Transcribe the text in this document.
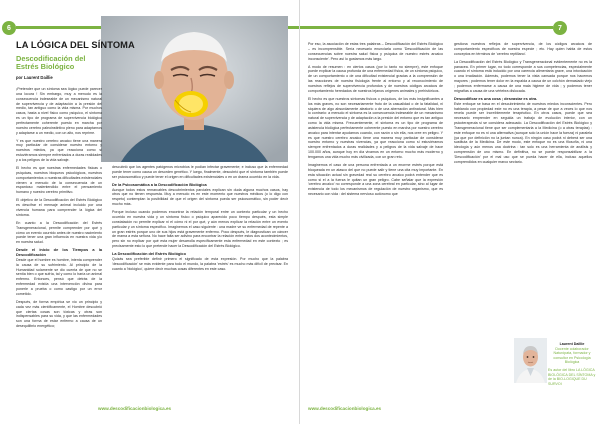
6
LA LÓGICA DEL SÍNTOMA
Descodificación del Estrés Biológico
por Laurent Daillie

¡Pretender que un síntoma sea lógico puede parecer una locura ! Sin embargo, muy a menudo es la consecuencia indeseable de un mecanismo natural de supervivencia y de adaptación a la presión del medio, tan antiguo como la vida misma. Por muchos casos, hasta a nivel físico como psíquico, el síntoma es un tipo de programa de supervivencia biológico perfectamente coherente puesto en marcha por nuestro cerebro paleoinstintivo pleno para adaptarnos y adaptarse a un medio, con un alto, nos reprime.

Y es que nuestro cerebro arcaico tiene una manera muy particular de considerar nuestro entorno y nuestros miedos, ya que reacciona como si estuviéramos siempre enfrentados a duras realidades y a los peligros de la vida salvaje.

El hecho es que nuestras enfermedades físicas o psíquicas, nuestros bloqueos psicológicos, nuestros comportamientos o nuestras dificultades existenciales vienen a menudo de la consecuencia de un espantoso malentendido entre el pensamiento humano y nuestro cerebro primitivo.

El objetivo de la Descodificación del Estrés Biológico es descifrar el mensaje animal incluido por una vivencia humana para comprender la lógica del síntoma.

En cuanto a la Descodificación del Estrés Transgeneracional, permite comprender por qué y cómo un evento ocurrido antes de nuestro nacimiento puede tener una gran influencia en nuestra vida y/o en nuestra salud.

Desde el inicio de los Tiempos a la Descodificación

Desde que el hombre es hombre, intenta comprender la causa de su sufrimiento. Al principio de la Humanidad solamente se dio cuenta de que no se sentía bien o que sufría, tal y como lo haría un animal enfermo. Entonces, pensó que detrás de la enfermedad existía una intervención divina para ponerle a prueba o como castigo por un error cometido.

Después, de forma empírica se vio un principio y cada vez más científicamente, el Hombre descubrió que ciertas cosas son tóxicas y otras son indispensables para su vida, y que las enfermedades son una forma de estar enfermo a causa de un desequilibrio energético;

descubrió que los agentes patógenos microbios le podían infectar gravemente; e incluso que la enfermedad puede tener como causa un desorden genético. Y luego, finalmente, descubrió que el síntoma también puede ser psicosomático y puede tener el origen en dificultades existenciales o en un drama ocurrido en la vida.

De la Psicosomática a la Descodificación Biológica

Aunque todos estos remarcables descubrimientos parciales explican sin duda alguna muchos casos, hay otros que no tienen respuesta. Muy a menudo es en este momento que nuestros médicos (o lo digo con respeto) contemplan la posibilidad de que el origen del síntoma pueda ser psicosomático, sin poder decir mucho más.

Porque incluso cuando podemos encontrar la relación temporal entre un contexto particular y un hecho ocurrido en nuestra vida y un síntoma físico o psíquico aparecido poco tiempo después, esta simple constatación no permite explicar ni el cómo ni el por qué, y aún menos explicar la relación entre un evento particular y un síntoma específico. Imaginemos el caso siguiente : una madre ve su enfermedad de repente a un gran estrés porque uno de sus hijos está gravemente enfermo. Poco después, le diagnostican un cáncer de mama a esta señora. No hace falta ser adivino para encontrar la relación entre estos dos acontecimientos, pero sin no explicar por qué esta mujer desarrolla específicamente esta enfermedad en este contexto ; es precisamente esto lo que pretende hacer la Descodificación del Estrés Biológico.

La Descodificación del Estrés Biológico

Quizás sea preferible definir primero el significado de esta expresión. Por mucho que la palabra 'descodificación' se más evidente para todo el mundo, la palabra 'estrés' es mucho más difícil de precisar. En cuanto a 'biológico', quiere decir muchas cosas diferentes en este caso.

www.descodificacionbiologica.es
7

Por eso, la asociación de estas tres palabras – Descodificación del Estrés Biológico – es incomprensible. Sería necesario enunciarla como 'Descodificación de las consecuencias sobre nuestra salud física y psíquica de nuestro estrés arcaico inconsciente'. Pero así lo gustamos más largo.

A modo de resumen : en ciertos casos (por lo tanto no siempre), este enfoque puede explicar la causa profunda de una enfermedad física, de un síntoma psíquico, de un comportamiento o de una dificultad existencial gracias a la comprensión de las reacciones de nuestra fisiología frente al entorno y al reconocimiento de nuestros reflejos de supervivencia profundos y de nuestros códigos arcaicos de comportamiento heredados de nuestros lejanos orígenes animales y prehistóricos.

El hecho es que nuestros síntomas físicos o psíquicos, de los más insignificantes a los más graves, no son necesariamente fruto de la casualidad o de la fatalidad, ni siquiera de algo absurdamente aleatorio o de una aberración antinatural. Más bien lo contrario: a menudo el síntoma es la consecuencia indeseable de un mecanismo natural de supervivencia y de adaptación a la presión del entorno que es tan antiguo como la vida misma. Frecuentemente, el síntoma es un tipo de programa de asistencia biológica perfectamente coherente puesto en marcha por nuestro cerebro arcaico para intentar ayudarnos cuando, con razón o sin ella, nos cree en peligro. Y es que nuestro cerebro arcaico tiene una manera muy particular de considerar nuestro entorno y nuestras vivencias, ya que reacciona como si estuviéramos siempre enfrentados a duras realidades y a peligros de la vida salvaje de hace 100.000 años, aunque hoy en día vivamos en un entorno mucho más moderno y tengamos una vida mucho más civilizada, con un gran reto.

Imaginemos el caso de una persona enfrentada a un enorme estrés porque está bloqueada en un atasco del que no puede salir y tiene una cita muy importante. En esta situación actual sin gravedad real su cerebro arcaico podrá entender que es como si el a la fuerza le quitan un gran peligro. Cabe señalar que la expresión 'cerebro arcaico' no corresponde a una zona cerebral en particular, sino al lugar de existencia de todo los mecanismos de regulación de nuestro organismo, que es necesario con vida : del sistema nervioso autónomo que

gestiona nuestros reflejos de supervivencia, de los códigos arcaicos de comportamiento específicos de nuestra especie ; etc. Hay quien habla de estos conceptos en términos de 'cerebro reptiliano'.

La Descodificación del Estrés Biológico y Transgeneracional evidentemente no es la panacea. En primer lugar, no todo corresponde a sus competencias, especialmente cuando el síntoma está inducido por una carencia alimentaria grave, una intoxicación o una irradiación. Además, podemos tener la vista cansada porque nos hacemos mayores ; podemos tener dolor en la espalda a causa de un colchón demasiado viejo ; podemos enfermarse a causa de una mala higiene de vida ; y podemos tener migrañas a causa de una vértebra dislocada.

Descodificar es una cosa ; desvastar es otra.

Este enfoque se basa en el descubrimiento de nuestros miedos inconscientes. Pero hablando con propiedad este no es una terapia, a pesar de que a veces lo que nos revela puede ser increíblemente terapéutico. En otros casos, puede que sea necesario emprender en seguida un trabajo de evolución interior, con un psicoterapeuta si se considera adecuado. La Descodificación del Estrés Biológico y Transgeneracional tiene que ser complementaria a la Medicina (o a otras terapias) : este enfoque no es ni una alternativa (aunque solo la unión hace la fuerza) ni paralela (ya que por definición no la juntan nunca). En ningún caso podrá ni deberá ser una sustituta de la Medicina. De este modo, este enfoque no es una filosofía, ni una ideología y aún menos una doctrina : tan solo es una herramienta de análisis y comprensión de uno mismo. En definitiva, no se puede responsabilizar a la 'Descodificación' por el mal uso que se pueda hacer de ella, incluso aquellos comprendidos en cualquier marco sectario.

Laurent Daillie
Docente colaborador Naturópata, formador y consultor en Psicología Biológica
Es autor del libro LA LÓGICA BIOLÓGICA DEL SÍNTOMA y de la BIO-LOGIQUE DU SURVOI
www.descodificacionbiologica.es
